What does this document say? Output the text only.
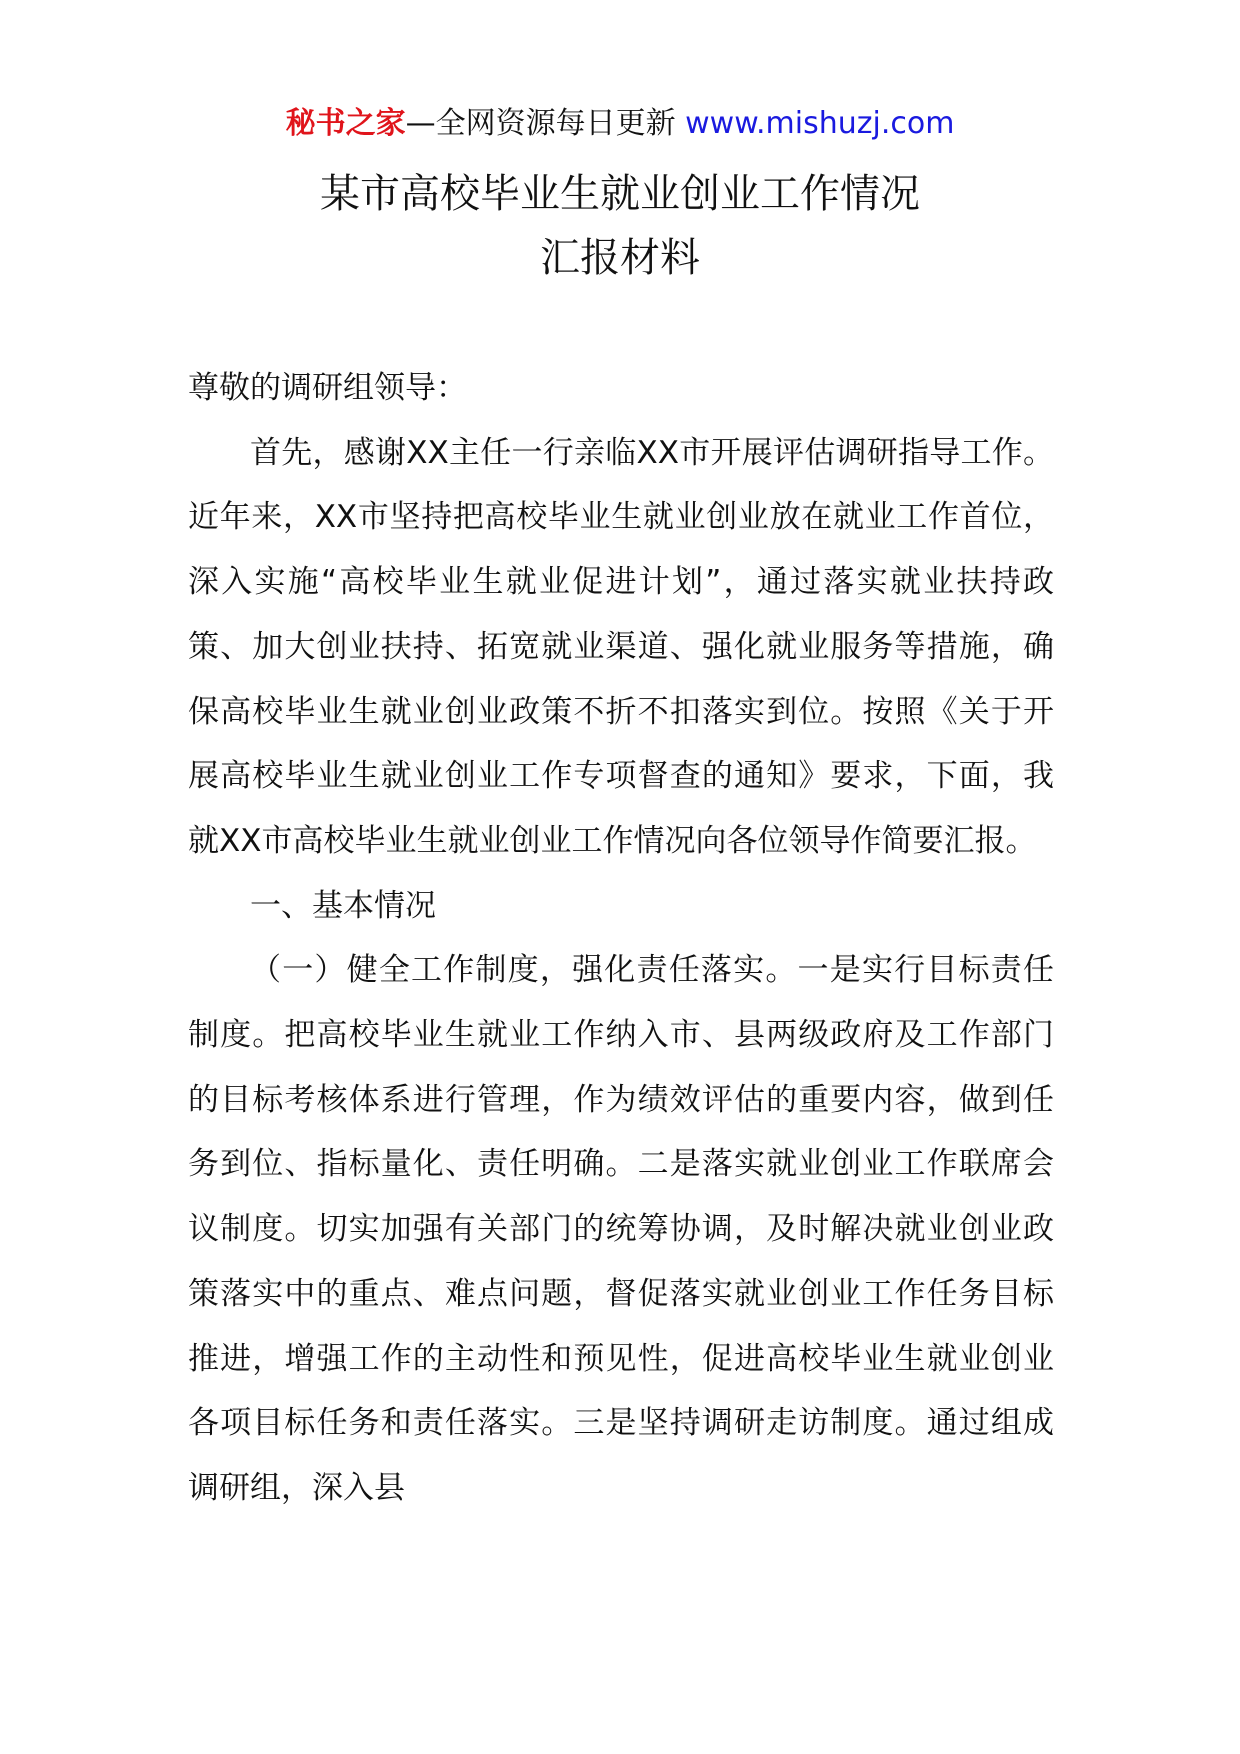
秘书之家—全网资源每日更新 www.mishuzj.com
某市高校毕业生就业创业工作情况
汇报材料

尊敬的调研组领导：

首先，感谢XX主任一行亲临XX市开展评估调研指导工作。近年来，XX市坚持把高校毕业生就业创业放在就业工作首位，深入实施“高校毕业生就业促进计划”，通过落实就业扶持政策、加大创业扶持、拓宽就业渠道、强化就业服务等措施，确保高校毕业生就业创业政策不折不扣落实到位。按照《关于开展高校毕业生就业创业工作专项督查的通知》要求，下面，我就XX市高校毕业生就业创业工作情况向各位领导作简要汇报。

一、基本情况

（一）健全工作制度，强化责任落实。一是实行目标责任制度。把高校毕业生就业工作纳入市、县两级政府及工作部门的目标考核体系进行管理，作为绩效评估的重要内容，做到任务到位、指标量化、责任明确。二是落实就业创业工作联席会议制度。切实加强有关部门的统筹协调，及时解决就业创业政策落实中的重点、难点问题，督促落实就业创业工作任务目标推进，增强工作的主动性和预见性，促进高校毕业生就业创业各项目标任务和责任落实。三是坚持调研走访制度。通过组成调研组，深入县
